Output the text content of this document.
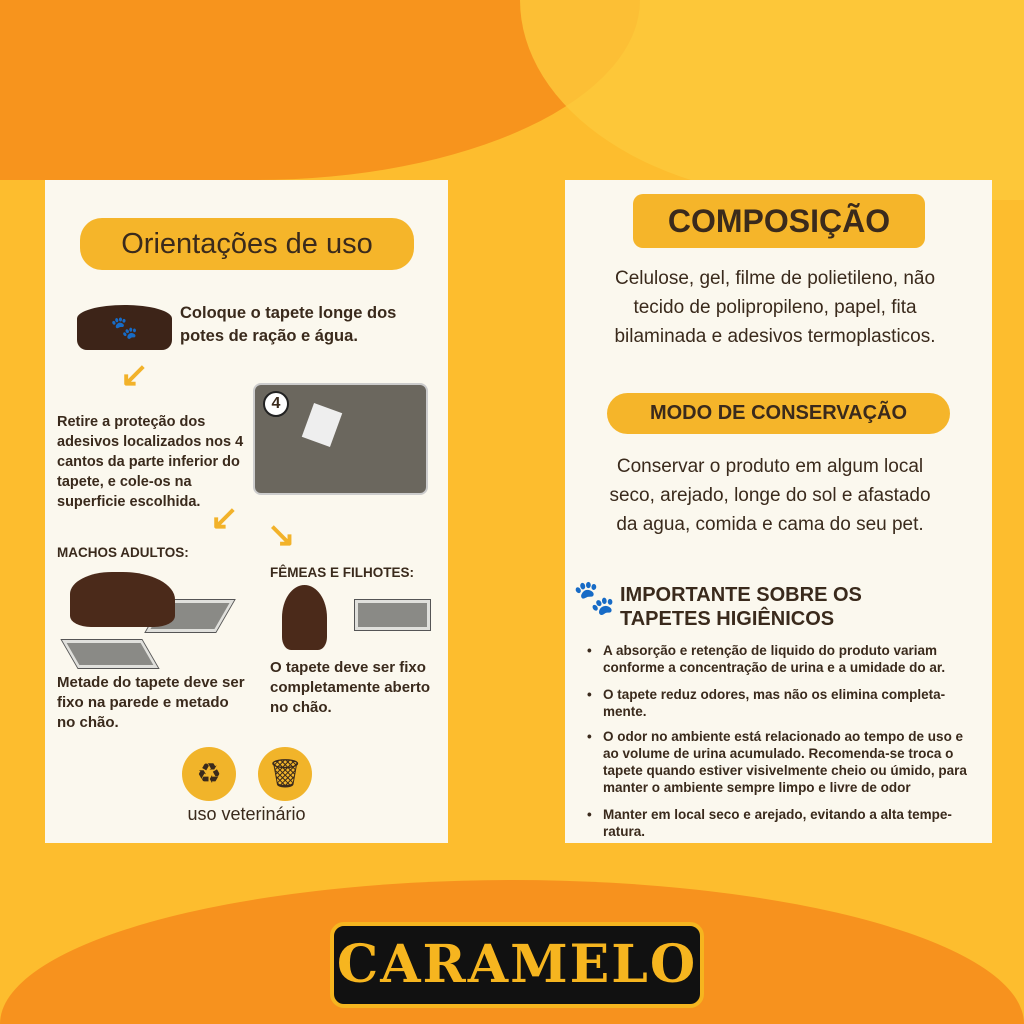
Orientações de uso
🐾
Coloque o tapete longe dos potes de ração e água.
↙
Retire a proteção dos adesivos localizados nos 4 cantos da parte inferior do tapete, e cole-os na superficie escolhida.
4
↙ ↘
MACHOS ADULTOS:
Metade do tapete deve ser fixo na parede e metado no chão.
FÊMEAS E FILHOTES:
O tapete deve ser fixo completamente aberto no chão.
♻	🗑
uso veterinário
COMPOSIÇÃO
Celulose, gel, filme de polietileno, não tecido de polipropileno, papel, fita bilaminada e adesivos termoplasticos.
MODO DE CONSERVAÇÃO
Conservar o produto em algum local seco, arejado, longe do sol e afastado da agua, comida e cama do seu pet.
🐾 IMPORTANTE SOBRE OS TAPETES HIGIÊNICOS
• A absorção e retenção de liquido do produto variam conforme a concentração de urina e a umidade do ar.
• O tapete reduz odores, mas não os elimina completa-mente.
• O odor no ambiente está relacionado ao tempo de uso e ao volume de urina acumulado. Recomenda-se troca o tapete quando estiver visivelmente cheio ou úmido, para manter o ambiente sempre limpo e livre de odor
• Manter em local seco e arejado, evitando a alta tempe-ratura.
CARAMELO
